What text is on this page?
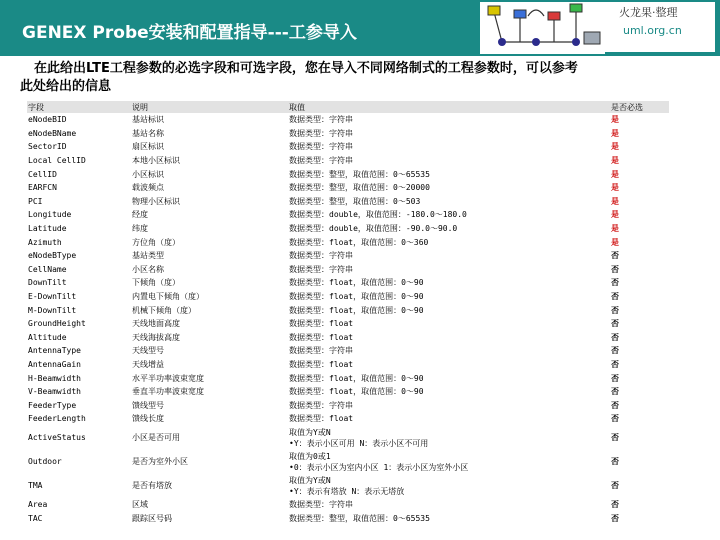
GENEX Probe安装和配置指导---工参导入
火龙果·整理
uml.org.cn
在此给出LTE工程参数的必选字段和可选字段，您在导入不同网络制式的工程参数时，可以参考
此处给出的信息
字段	说明	取值	是否必选
eNodeBID	基站标识	数据类型：字符串	是
eNodeBName	基站名称	数据类型：字符串	是
SectorID	扇区标识	数据类型：字符串	是
Local CellID	本地小区标识	数据类型：字符串	是
CellID	小区标识	数据类型：整型，取值范围：0～65535	是
EARFCN	载波频点	数据类型：整型，取值范围：0～20000	是
PCI	物理小区标识	数据类型：整型，取值范围：0～503	是
Longitude	经度	数据类型：double，取值范围：-180.0～180.0	是
Latitude	纬度	数据类型：double，取值范围：-90.0～90.0	是
Azimuth	方位角（度）	数据类型：float，取值范围：0～360	是
eNodeBType	基站类型	数据类型：字符串	否
CellName	小区名称	数据类型：字符串	否
DownTilt	下倾角（度）	数据类型：float，取值范围：0～90	否
E-DownTilt	内置电下倾角（度）	数据类型：float，取值范围：0～90	否
M-DownTilt	机械下倾角（度）	数据类型：float，取值范围：0～90	否
GroundHeight	天线地面高度	数据类型：float	否
Altitude	天线海拔高度	数据类型：float	否
AntennaType	天线型号	数据类型：字符串	否
AntennaGain	天线增益	数据类型：float	否
H-Beamwidth	水平半功率波束宽度	数据类型：float，取值范围：0～90	否
V-Beamwidth	垂直半功率波束宽度	数据类型：float，取值范围：0～90	否
FeederType	馈线型号	数据类型：字符串	否
FeederLength	馈线长度	数据类型：float	否
ActiveStatus	小区是否可用	取值为Y或N
•Y：表示小区可用 N：表示小区不可用	否
Outdoor	是否为室外小区	取值为0或1
•0：表示小区为室内小区 1：表示小区为室外小区	否
TMA	是否有塔放	取值为Y或N
•Y：表示有塔放 N：表示无塔放	否
Area	区域	数据类型：字符串	否
TAC	跟踪区号码	数据类型：整型，取值范围：0～65535	否
